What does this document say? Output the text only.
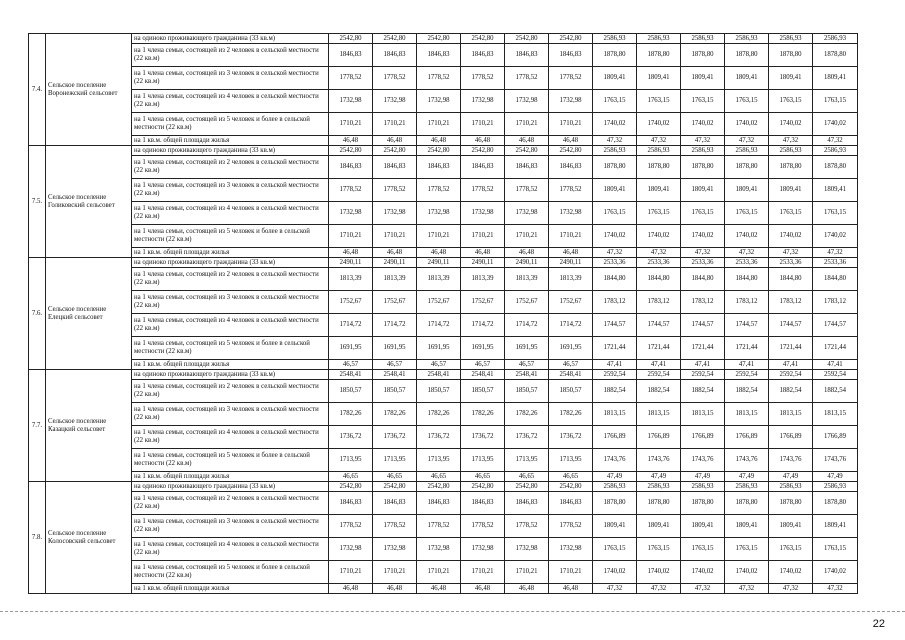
7.4.	Сельское поселение Воронежский сельсовет	на одиноко проживающего гражданина (33 кв.м)	2542,80	2542,80	2542,80	2542,80	2542,80	2542,80	2586,93	2586,93	2586,93	2586,93	2586,93	2586,93
		на 1 члена семьи, состоящей из 2 человек в сельской местности (22 кв.м)	1846,83	1846,83	1846,83	1846,83	1846,83	1846,83	1878,80	1878,80	1878,80	1878,80	1878,80	1878,80
		на 1 члена семьи, состоящей из 3 человек в сельской местности (22 кв.м)	1778,52	1778,52	1778,52	1778,52	1778,52	1778,52	1809,41	1809,41	1809,41	1809,41	1809,41	1809,41
		на 1 члена семьи, состоящей из 4 человек в сельской местности (22 кв.м)	1732,98	1732,98	1732,98	1732,98	1732,98	1732,98	1763,15	1763,15	1763,15	1763,15	1763,15	1763,15
		на 1 члена семьи, состоящей из 5 человек и более в сельской местности (22 кв.м)	1710,21	1710,21	1710,21	1710,21	1710,21	1710,21	1740,02	1740,02	1740,02	1740,02	1740,02	1740,02
		на 1 кв.м. общей площади жилья	46,48	46,48	46,48	46,48	46,48	46,48	47,32	47,32	47,32	47,32	47,32	47,32
7.5.	Сельское поселение Голиковский сельсовет	на одиноко проживающего гражданина (33 кв.м)	2542,80	2542,80	2542,80	2542,80	2542,80	2542,80	2586,93	2586,93	2586,93	2586,93	2586,93	2586,93
		на 1 члена семьи, состоящей из 2 человек в сельской местности (22 кв.м)	1846,83	1846,83	1846,83	1846,83	1846,83	1846,83	1878,80	1878,80	1878,80	1878,80	1878,80	1878,80
		на 1 члена семьи, состоящей из 3 человек в сельской местности (22 кв.м)	1778,52	1778,52	1778,52	1778,52	1778,52	1778,52	1809,41	1809,41	1809,41	1809,41	1809,41	1809,41
		на 1 члена семьи, состоящей из 4 человек в сельской местности (22 кв.м)	1732,98	1732,98	1732,98	1732,98	1732,98	1732,98	1763,15	1763,15	1763,15	1763,15	1763,15	1763,15
		на 1 члена семьи, состоящей из 5 человек и более в сельской местности (22 кв.м)	1710,21	1710,21	1710,21	1710,21	1710,21	1710,21	1740,02	1740,02	1740,02	1740,02	1740,02	1740,02
		на 1 кв.м. общей площади жилья	46,48	46,48	46,48	46,48	46,48	46,48	47,32	47,32	47,32	47,32	47,32	47,32
7.6.	Сельское поселение Елецкий сельсовет	на одиноко проживающего гражданина (33 кв.м)	2490,11	2490,11	2490,11	2490,11	2490,11	2490,11	2533,36	2533,36	2533,36	2533,36	2533,36	2533,36
		на 1 члена семьи, состоящей из 2 человек в сельской местности (22 кв.м)	1813,39	1813,39	1813,39	1813,39	1813,39	1813,39	1844,80	1844,80	1844,80	1844,80	1844,80	1844,80
		на 1 члена семьи, состоящей из 3 человек в сельской местности (22 кв.м)	1752,67	1752,67	1752,67	1752,67	1752,67	1752,67	1783,12	1783,12	1783,12	1783,12	1783,12	1783,12
		на 1 члена семьи, состоящей из 4 человек в сельской местности (22 кв.м)	1714,72	1714,72	1714,72	1714,72	1714,72	1714,72	1744,57	1744,57	1744,57	1744,57	1744,57	1744,57
		на 1 члена семьи, состоящей из 5 человек и более в сельской местности (22 кв.м)	1691,95	1691,95	1691,95	1691,95	1691,95	1691,95	1721,44	1721,44	1721,44	1721,44	1721,44	1721,44
		на 1 кв.м. общей площади жилья	46,57	46,57	46,57	46,57	46,57	46,57	47,41	47,41	47,41	47,41	47,41	47,41
7.7.	Сельское поселение Казацкий сельсовет	на одиноко проживающего гражданина (33 кв.м)	2548,41	2548,41	2548,41	2548,41	2548,41	2548,41	2592,54	2592,54	2592,54	2592,54	2592,54	2592,54
		на 1 члена семьи, состоящей из 2 человек в сельской местности (22 кв.м)	1850,57	1850,57	1850,57	1850,57	1850,57	1850,57	1882,54	1882,54	1882,54	1882,54	1882,54	1882,54
		на 1 члена семьи, состоящей из 3 человек в сельской местности (22 кв.м)	1782,26	1782,26	1782,26	1782,26	1782,26	1782,26	1813,15	1813,15	1813,15	1813,15	1813,15	1813,15
		на 1 члена семьи, состоящей из 4 человек в сельской местности (22 кв.м)	1736,72	1736,72	1736,72	1736,72	1736,72	1736,72	1766,89	1766,89	1766,89	1766,89	1766,89	1766,89
		на 1 члена семьи, состоящей из 5 человек и более в сельской местности (22 кв.м)	1713,95	1713,95	1713,95	1713,95	1713,95	1713,95	1743,76	1743,76	1743,76	1743,76	1743,76	1743,76
		на 1 кв.м. общей площади жилья	46,65	46,65	46,65	46,65	46,65	46,65	47,49	47,49	47,49	47,49	47,49	47,49
7.8.	Сельское поселение Колосовский сельсовет	на одиноко проживающего гражданина (33 кв.м)	2542,80	2542,80	2542,80	2542,80	2542,80	2542,80	2586,93	2586,93	2586,93	2586,93	2586,93	2586,93
		на 1 члена семьи, состоящей из 2 человек в сельской местности (22 кв.м)	1846,83	1846,83	1846,83	1846,83	1846,83	1846,83	1878,80	1878,80	1878,80	1878,80	1878,80	1878,80
		на 1 члена семьи, состоящей из 3 человек в сельской местности (22 кв.м)	1778,52	1778,52	1778,52	1778,52	1778,52	1778,52	1809,41	1809,41	1809,41	1809,41	1809,41	1809,41
		на 1 члена семьи, состоящей из 4 человек в сельской местности (22 кв.м)	1732,98	1732,98	1732,98	1732,98	1732,98	1732,98	1763,15	1763,15	1763,15	1763,15	1763,15	1763,15
		на 1 члена семьи, состоящей из 5 человек и более в сельской местности (22 кв.м)	1710,21	1710,21	1710,21	1710,21	1710,21	1710,21	1740,02	1740,02	1740,02	1740,02	1740,02	1740,02
		на 1 кв.м. общей площади жилья	46,48	46,48	46,48	46,48	46,48	46,48	47,32	47,32	47,32	47,32	47,32	47,32
22
